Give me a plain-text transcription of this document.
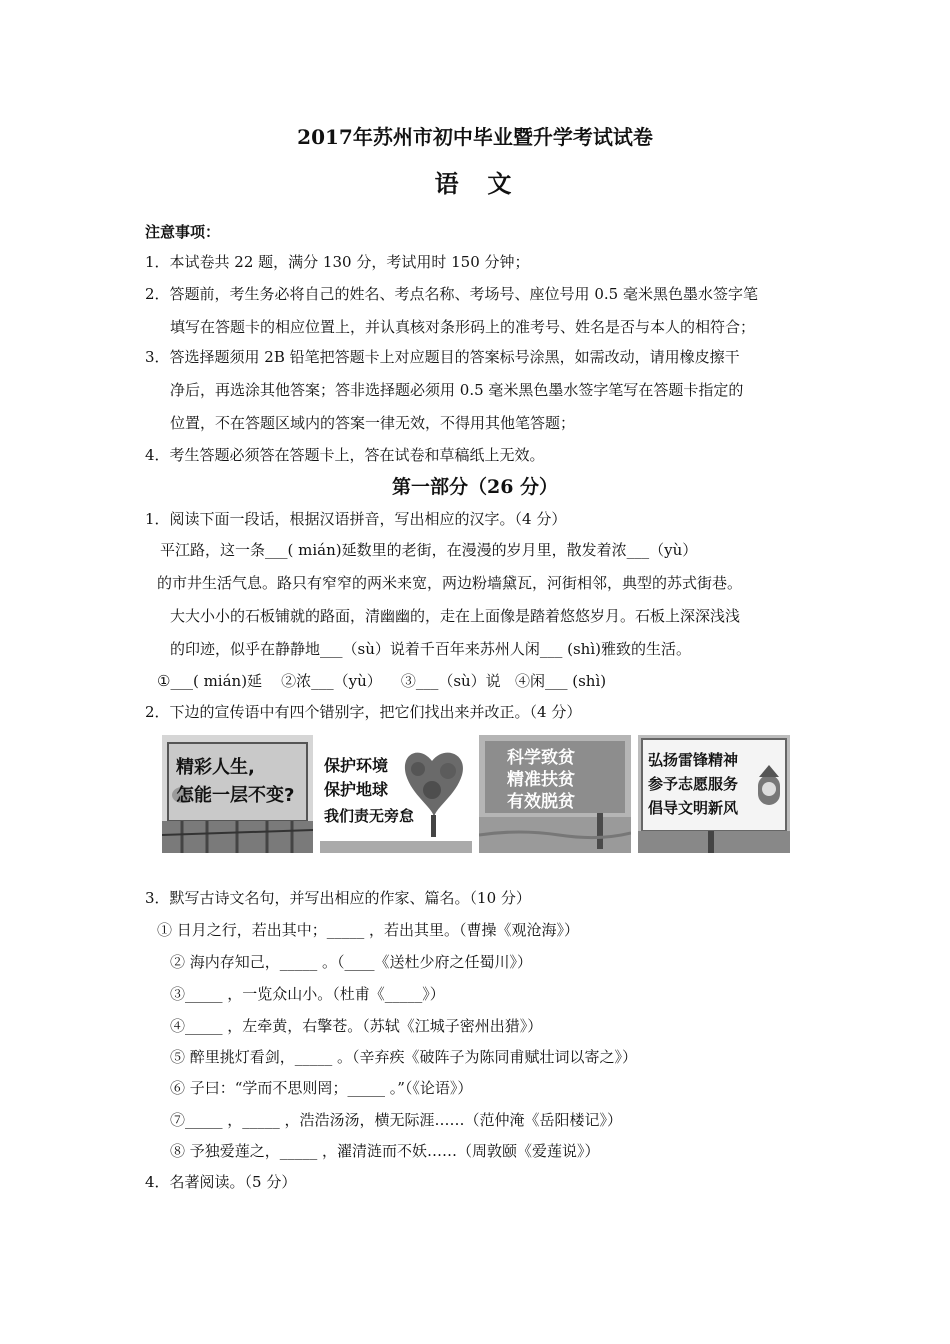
2017年苏州市初中毕业暨升学考试试卷
语  文
注意事项：
1．本试卷共 22 题，满分 130 分，考试用时 150 分钟；
2．答题前，考生务必将自己的姓名、考点名称、考场号、座位号用 0.5 毫米黑色墨水签字笔
填写在答题卡的相应位置上，并认真核对条形码上的准考号、姓名是否与本人的相符合；
3．答选择题须用 2B 铅笔把答题卡上对应题目的答案标号涂黑，如需改动，请用橡皮擦干
净后，再选涂其他答案；答非选择题必须用 0.5 毫米黑色墨水签字笔写在答题卡指定的
位置，不在答题区域内的答案一律无效，不得用其他笔答题；
4．考生答题必须答在答题卡上，答在试卷和草稿纸上无效。
第一部分（26 分）
1．阅读下面一段话，根据汉语拼音，写出相应的汉字。（4 分）
平江路，这一条___( mián)延数里的老街，在漫漫的岁月里，散发着浓___（yù）
的市井生活气息。路只有窄窄的两米来宽，两边粉墙黛瓦，河街相邻，典型的苏式街巷。
大大小小的石板铺就的路面，清幽幽的，走在上面像是踏着悠悠岁月。石板上深深浅浅
的印迹，似乎在静静地___（sù）说着千百年来苏州人闲___ (shì)雅致的生活。
①___( mián)延    ②浓___（yù）    ③___（sù）说   ④闲___ (shì)
2．下边的宣传语中有四个错别字，把它们找出来并改正。（4 分）
精彩人生,
怎能一层不变?
保护环境
保护地球
我们责无旁怠
科学致贫
精准扶贫
有效脱贫
弘扬雷锋精神
参予志愿服务
倡导文明新风
3．默写古诗文名句，并写出相应的作家、篇名。（10 分）
① 日月之行，若出其中；_____ ，若出其里。（曹操《观沧海》）
② 海内存知己，_____ 。（____《送杜少府之任蜀川》）
③_____ ，一览众山小。（杜甫《_____》）
④_____ ，左牵黄，右擎苍。（苏轼《江城子密州出猎》）
⑤ 醉里挑灯看剑，_____ 。（辛弃疾《破阵子为陈同甫赋壮词以寄之》）
⑥ 子曰：“学而不思则罔；_____ 。”（《论语》）
⑦_____ ，_____ ，浩浩汤汤，横无际涯……（范仲淹《岳阳楼记》）
⑧ 予独爱莲之，_____ ，濯清涟而不妖……（周敦颐《爱莲说》）
4．名著阅读。（5 分）
